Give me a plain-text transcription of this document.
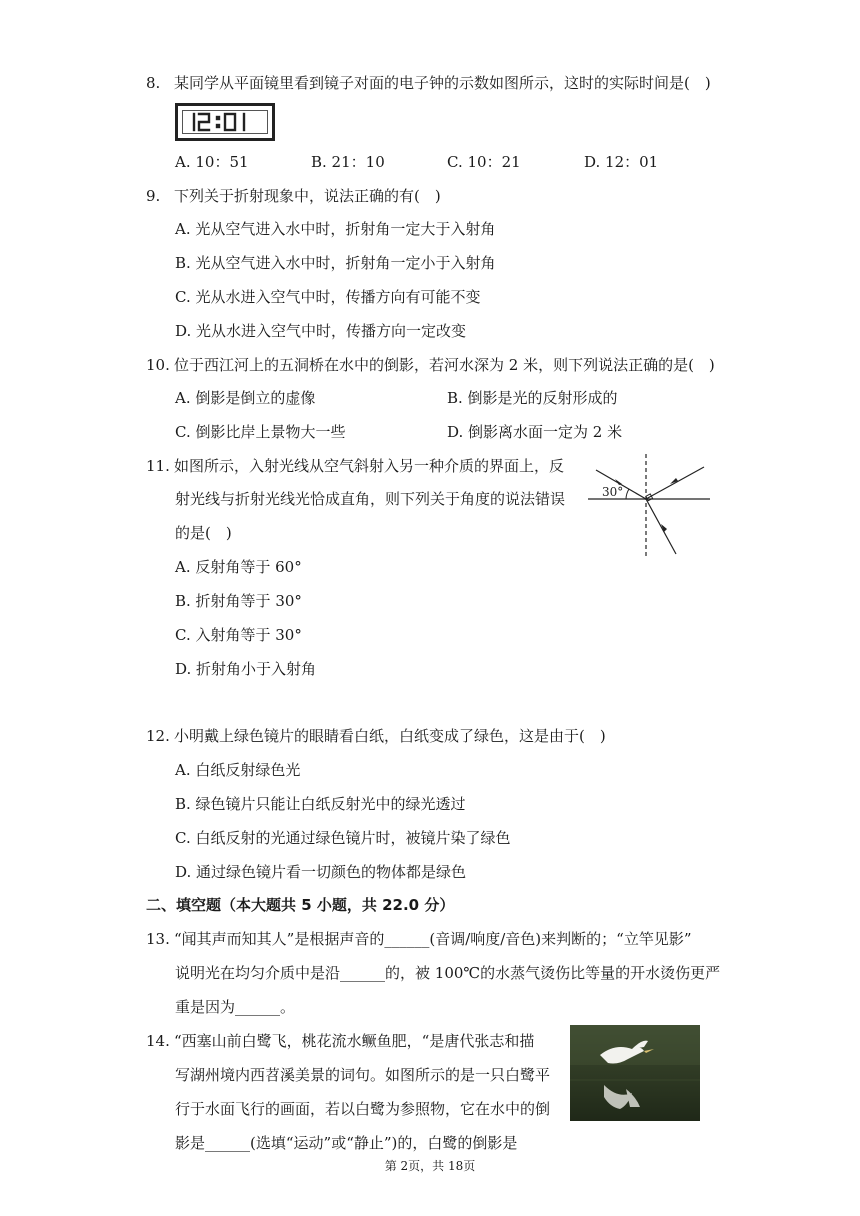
8. 某同学从平面镜里看到镜子对面的电子钟的示数如图所示，这时的实际时间是( )
A. 10：51	B. 21：10	C. 10：21	D. 12：01
9. 下列关于折射现象中，说法正确的有( )
A. 光从空气进入水中时，折射角一定大于入射角
B. 光从空气进入水中时，折射角一定小于入射角
C. 光从水进入空气中时，传播方向有可能不变
D. 光从水进入空气中时，传播方向一定改变
10. 位于西江河上的五洞桥在水中的倒影，若河水深为 2 米，则下列说法正确的是( )
A. 倒影是倒立的虚像	B. 倒影是光的反射形成的
C. 倒影比岸上景物大一些	D. 倒影离水面一定为 2 米
11. 如图所示，入射光线从空气斜射入另一种介质的界面上，反
射光线与折射光线光恰成直角，则下列关于角度的说法错误
的是( )
30°
A. 反射角等于 60°
B. 折射角等于 30°
C. 入射角等于 30°
D. 折射角小于入射角
12. 小明戴上绿色镜片的眼睛看白纸，白纸变成了绿色，这是由于( )
A. 白纸反射绿色光
B. 绿色镜片只能让白纸反射光中的绿光透过
C. 白纸反射的光通过绿色镜片时，被镜片染了绿色
D. 通过绿色镜片看一切颜色的物体都是绿色
二、填空题（本大题共 5 小题，共 22.0 分）
13. “闻其声而知其人”是根据声音的______(音调/响度/音色)来判断的；“立竿见影”
说明光在均匀介质中是沿______的，被 100℃的水蒸气烫伤比等量的开水烫伤更严
重是因为______。
14. “西塞山前白鹭飞，桃花流水鳜鱼肥，“是唐代张志和描
写湖州境内西苕溪美景的词句。如图所示的是一只白鹭平
行于水面飞行的画面，若以白鹭为参照物，它在水中的倒
影是______(选填“运动”或“静止”)的，白鹭的倒影是
第 2页，共 18页
